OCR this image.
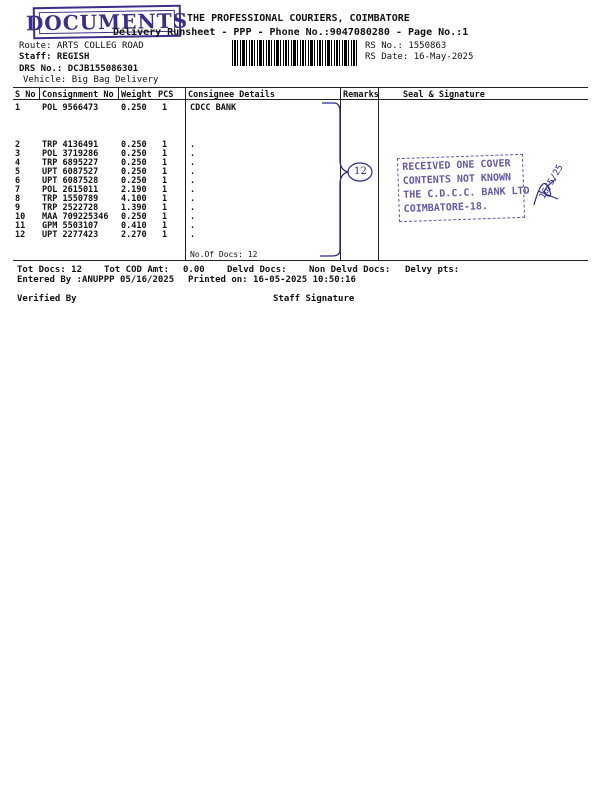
DOCUMENTS
THE PROFESSIONAL COURIERS, COIMBATORE
Delivery Runsheet - PPP - Phone No.:9047080280 - Page No.:1
Route: ARTS COLLEG ROAD
Staff: REGISH
DRS No.: DCJB155086301
Vehicle: Big Bag Delivery
RS No.: 1550863
RS Date: 16-May-2025
S No Consignment No Weight PCS Consignee Details	Remarks	Seal & Signature
1	POL 9566473	0.250 1	CDCC BANK
2	TRP 4136491	0.250 1	.
3	POL 3719286	0.250 1	.
4	TRP 6895227	0.250 1	.
5	UPT 6087527	0.250 1	.
6	UPT 6087528	0.250 1	.
7	POL 2615011	2.190 1	.
8	TRP 1550789	4.100 1	.
9	TRP 2522728	1.390 1	.
10 MAA 709225346 0.250 1	.
11 GPM 5503107	0.410 1	.
12 UPT 2277423	2.270 1	.
No.Of Docs: 12
12	RECEIVED ONE COVER
CONTENTS NOT KNOWN
THE C.D.C.C. BANK LTD
COIMBATORE-18.
16/5/25
Tot Docs: 12 Tot COD Amt: 0.00 Delvd Docs: Non Delvd Docs: Delvy pts:
Entered By :ANUPPP 05/16/2025 Printed on: 16-05-2025 10:50:16
Verified By	Staff Signature
